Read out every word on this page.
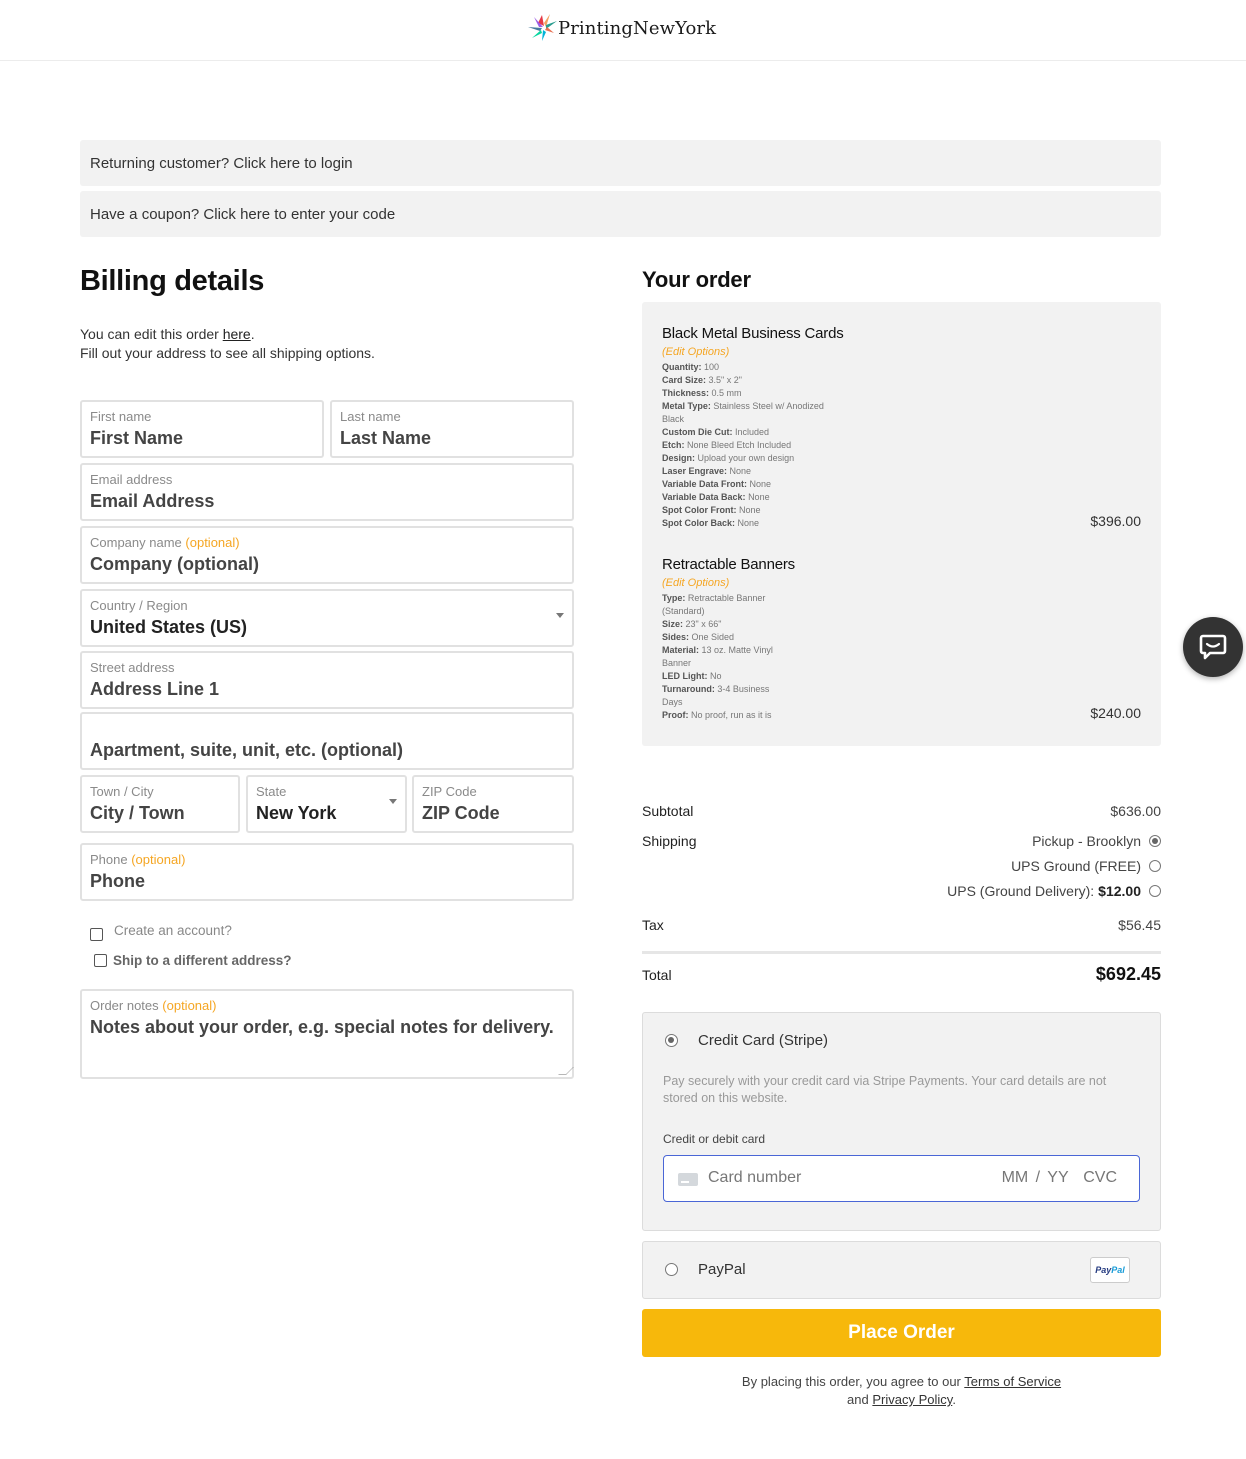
PrintingNewYork
Returning customer? Click here to login
Have a coupon? Click here to enter your code
Billing details
You can edit this order here.
Fill out your address to see all shipping options.
First name
First Name
Last name
Last Name
Email address
Email Address
Company name (optional)
Company (optional)
Country / Region
United States (US)
Street address
Address Line 1
Apartment, suite, unit, etc. (optional)
Town / City
City / Town
State
New York
ZIP Code
ZIP Code
Phone (optional)
Phone
Create an account?
Ship to a different address?
Order notes (optional)
Notes about your order, e.g. special notes for delivery.
Your order
Black Metal Business Cards
(Edit Options)
Quantity: 100
Card Size: 3.5" x 2"
Thickness: 0.5 mm
Metal Type: Stainless Steel w/ Anodized Black
Custom Die Cut: Included
Etch: None Bleed Etch Included
Design: Upload your own design
Laser Engrave: None
Variable Data Front: None
Variable Data Back: None
Spot Color Front: None
Spot Color Back: None	$396.00
Retractable Banners
(Edit Options)
Type: Retractable Banner (Standard)
Size: 23" x 66"
Sides: One Sided
Material: 13 oz. Matte Vinyl Banner
LED Light: No
Turnaround: 3-4 Business Days
Proof: No proof, run as it is	$240.00
Subtotal	$636.00
Shipping	Pickup - Brooklyn
UPS Ground (FREE)
UPS (Ground Delivery): $12.00
Tax	$56.45
Total	$692.45
Credit Card (Stripe)
Pay securely with your credit card via Stripe Payments. Your card details are not stored on this website.
Credit or debit card
Card number	MM / YY CVC
PayPal	Pay Pal
Place Order
By placing this order, you agree to our Terms of Service
and Privacy Policy.
